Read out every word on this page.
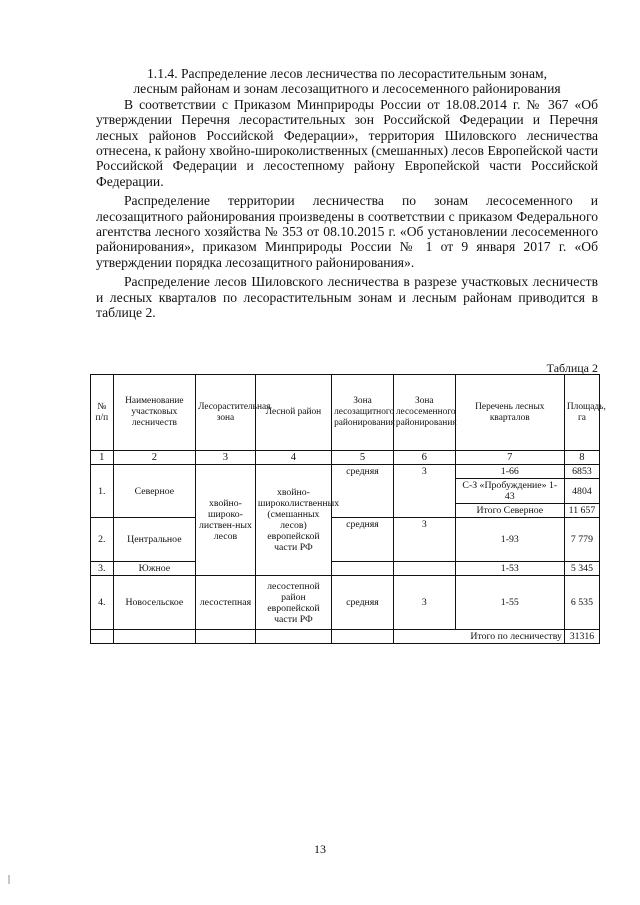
1.1.4. Распределение лесов лесничества по лесорастительным зонам,

лесным районам и зонам лесозащитного и лесосеменного районирования

В соответствии с Приказом Минприроды России от 18.08.2014 г. № 367 «Об утверждении Перечня лесорастительных зон Российской Федерации и Перечня лесных районов Российской Федерации», территория Шиловского лесничества отнесена, к району хвойно-широколиственных (смешанных) лесов Европейской части Российской Федерации и лесостепному району Европейской части Российской Федерации.

Распределение территории лесничества по зонам лесосеменного и лесозащитного районирования произведены в соответствии с приказом Федерального агентства лесного хозяйства № 353 от 08.10.2015 г. «Об установлении лесосеменного районирования», приказом Минприроды России № 1 от 9 января 2017 г. «Об утверждении порядка лесозащитного районирования».

Распределение лесов Шиловского лесничества в разрезе участковых лесничеств и лесных кварталов по лесорастительным зонам и лесным районам приводится в таблице 2.

Таблица 2
№ п/п	Наименование участковых лесничеств	Лесорастительная зона	Лесной район	Зона лесозащитного районирования	Зона лесосеменного районирования	Перечень лесных кварталов	Площадь, га
1	2	3	4	5	6	7	8
1.	Северное	хвойно-широко-листвен-ных лесов	хвойно-широколиственных (смешанных лесов) европейской части РФ	средняя	3	1-66	6853
						С-З «Пробуждение» 1-43	4804
						Итого Северное	11 657
2.	Центральное			средняя	3	1-93	7 779
3.	Южное					1-53	5 345
4.	Новосельское	лесостепная	лесостепной район европейской части РФ	средняя	3	1-55	6 535
					Итого по лесничеству		31316
13
